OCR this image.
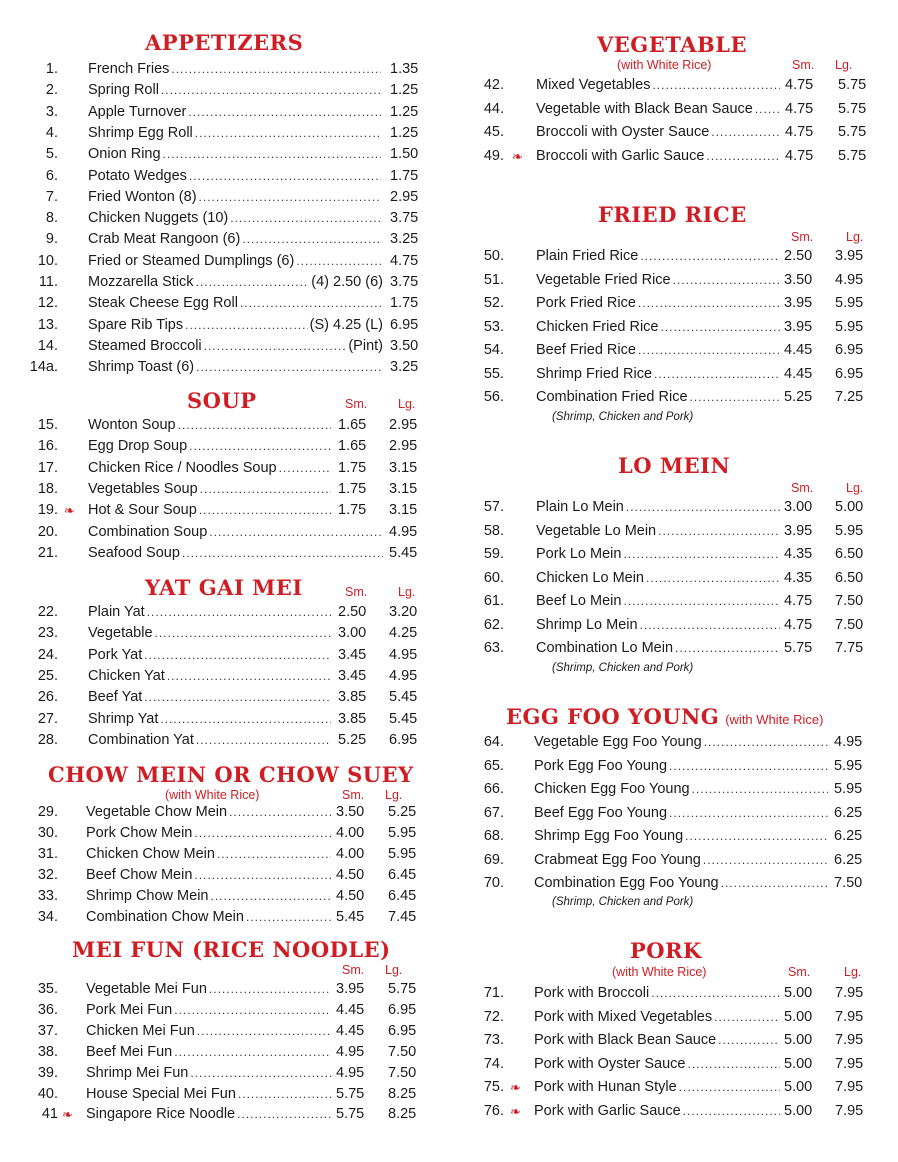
APPETIZERS
1. French Fries .....	1.35
2. Spring Roll .....	1.25
3. Apple Turnover .....	1.25
4. Shrimp Egg Roll .....	1.25
5. Onion Ring .....	1.50
6. Potato Wedges .....	1.75
7. Fried Wonton (8) .....	2.95
8. Chicken Nuggets (10) .....	3.75
9. Crab Meat Rangoon (6) .....	3.25
10. Fried or Steamed Dumplings (6) .....	4.75
11. Mozzarella Stick .....	(4) 2.50 (6) 3.75
12. Steak Cheese Egg Roll .....	1.75
13. Spare Rib Tips .....	(S) 4.25 (L) 6.95
14. Steamed Broccoli .....	(Pint) 3.50
14a. Shrimp Toast (6) .....	3.25
SOUP	Sm. Lg.
15. Wonton Soup .....	1.65 2.95
16. Egg Drop Soup .....	1.65 2.95
17. Chicken Rice / Noodles Soup .....	1.75 3.15
18. Vegetables Soup .....	1.75 3.15
19. ❧ Hot & Sour Soup .....	1.75 3.15
20. Combination Soup .....	4.95
21. Seafood Soup .....	5.45
YAT GAI MEI	Sm. Lg.
22. Plain Yat .....	2.50 3.20
23. Vegetable .....	3.00 4.25
24. Pork Yat .....	3.45 4.95
25. Chicken Yat .....	3.45 4.95
26. Beef Yat .....	3.85 5.45
27. Shrimp Yat .....	3.85 5.45
28. Combination Yat .....	5.25 6.95
CHOW MEIN OR CHOW SUEY
(with White Rice)	Sm. Lg.
29. Vegetable Chow Mein .....	3.50 5.25
30. Pork Chow Mein .....	4.00 5.95
31. Chicken Chow Mein .....	4.00 5.95
32. Beef Chow Mein .....	4.50 6.45
33. Shrimp Chow Mein .....	4.50 6.45
34. Combination Chow Mein .....	5.45 7.45
MEI FUN (RICE NOODLE)
Sm. Lg.
35. Vegetable Mei Fun .....	3.95 5.75
36. Pork Mei Fun .....	4.45 6.95
37. Chicken Mei Fun .....	4.45 6.95
38. Beef Mei Fun .....	4.95 7.50
39. Shrimp Mei Fun .....	4.95 7.50
40. House Special Mei Fun .....	5.75 8.25
41 ❧ Singapore Rice Noodle .....	5.75 8.25
VEGETABLE
(with White Rice)	Sm. Lg.
42. Mixed Vegetables .....	4.75 5.75
44. Vegetable with Black Bean Sauce ..... 4.75 5.75
45. Broccoli with Oyster Sauce .....	4.75 5.75
49. ❧ Broccoli with Garlic Sauce .....	4.75 5.75
FRIED RICE
Sm.	Lg.
50. Plain Fried Rice .....	2.50 3.95
51. Vegetable Fried Rice .....	3.50 4.95
52. Pork Fried Rice .....	3.95 5.95
53. Chicken Fried Rice .....	3.95 5.95
54. Beef Fried Rice .....	4.45 6.95
55. Shrimp Fried Rice .....	4.45 6.95
56. Combination Fried Rice .....	5.25 7.25
(Shrimp, Chicken and Pork)
LO MEIN
Sm.	Lg.
57. Plain Lo Mein .....	3.00 5.00
58. Vegetable Lo Mein .....	3.95 5.95
59. Pork Lo Mein .....	4.35 6.50
60. Chicken Lo Mein .....	4.35 6.50
61. Beef Lo Mein .....	4.75 7.50
62. Shrimp Lo Mein .....	4.75 7.50
63. Combination Lo Mein .....	5.75 7.75
(Shrimp, Chicken and Pork)
EGG FOO YOUNG (with White Rice)
64. Vegetable Egg Foo Young .....	4.95
65. Pork Egg Foo Young .....	5.95
66. Chicken Egg Foo Young .....	5.95
67. Beef Egg Foo Young .....	6.25
68. Shrimp Egg Foo Young .....	6.25
69. Crabmeat Egg Foo Young .....	6.25
70. Combination Egg Foo Young .....	7.50
(Shrimp, Chicken and Pork)
PORK
(with White Rice)	Sm.	Lg.
71. Pork with Broccoli .....	5.00 7.95
72. Pork with Mixed Vegetables .....	5.00 7.95
73. Pork with Black Bean Sauce .....	5.00 7.95
74. Pork with Oyster Sauce .....	5.00 7.95
75. ❧ Pork with Hunan Style .....	5.00 7.95
76. ❧ Pork with Garlic Sauce .....	5.00 7.95
